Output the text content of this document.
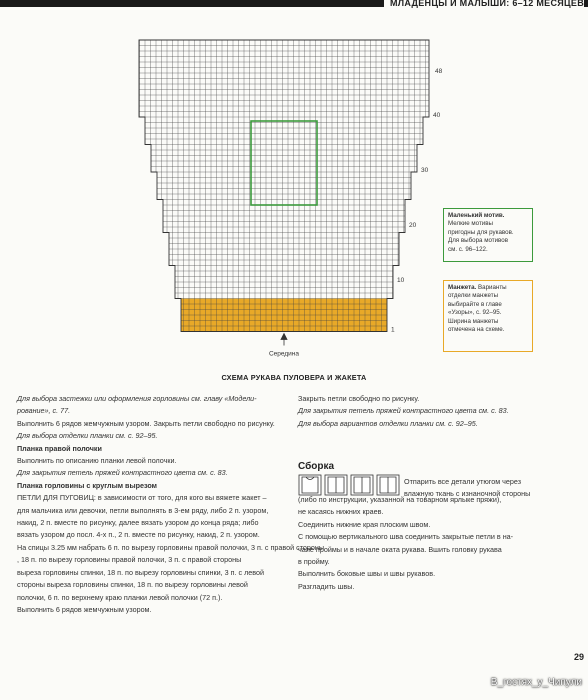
МЛАДЕНЦЫ И МАЛЫШИ: 6–12 МЕСЯЦЕВ
48
40
30
20
10
1
Середина
Маленький мотив.
Мелкие мотивы
пригодны для рукавов.
Для выбора мотивов
см. с. 96–122.
Манжета. Варианты
отделки манжеты
выбирайте в главе
«Узоры», с. 92–95.
Ширина манжеты
отмечена на схеме.
СХЕМА РУКАВА ПУЛОВЕРА И ЖАКЕТА
Для выбора застежки или оформления горловины см. главу «Модели-
рование», с. 77.
Выполнить 6 рядов жемчужным узором. Закрыть петли свободно по рисунку.
Для выбора отделки планки см. с. 92–95.
Планка правой полочки
Выполнить по описанию планки левой полочки.
Для закрытия петель пряжей контрастного цвета см. с. 83.
Планка горловины с круглым вырезом
ПЕТЛИ ДЛЯ ПУГОВИЦ: в зависимости от того, для кого вы вяжете жакет –
для мальчика или девочки, петли выполнять в 3-ем ряду, либо 2 п. узором,
накид, 2 п. вместе по рисунку, далее вязать узором до конца ряда; либо
вязать узором до посл. 4-х п., 2 п. вместе по рисунку, накид, 2 п. узором.
На спицы 3.25 мм набрать 6 п. по вырезу горловины правой полочки, 3 п. с правой стороны
, 18 п. по вырезу горловины правой полочки, 3 п. с правой стороны
выреза горловины спинки, 18 п. по вырезу горловины спинки, 3 п. с левой
стороны выреза горловины спинки, 18 п. по вырезу горловины левой
полочки, 6 п. по верхнему краю планки левой полочки (72 п.).
Выполнить 6 рядов жемчужным узором.
Закрыть петли свободно по рисунку.
Для закрытия петель пряжей контрастного цвета см. с. 83.
Для выбора вариантов отделки планки см. с. 92–95.
Сборка
Отпарить все детали утюгом через
влажную ткань с изнаночной стороны
(либо по инструкции, указанной на товарном ярлыке пряжи),
не касаясь нижних краев.
Соединить нижние края плоским швом.
С помощью вертикального шва соединить закрытые петли в на-
чале проймы и в начале оката рукава. Вшить головку рукава
в пройму.
Выполнить боковые швы и швы рукавов.
Разгладить швы.
29
В_гостях_у_Чипули
